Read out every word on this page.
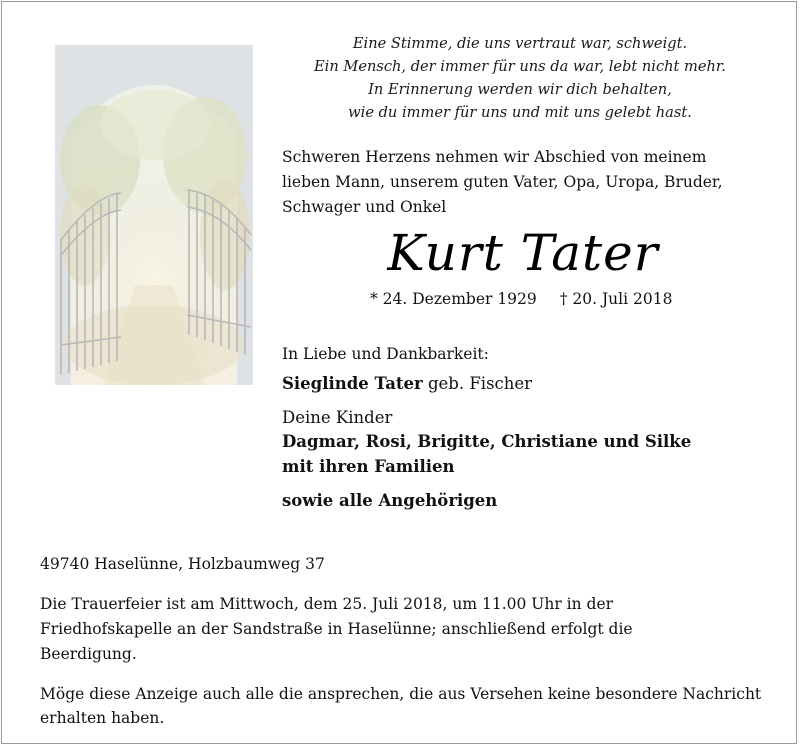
Eine Stimme, die uns vertraut war, schweigt.
Ein Mensch, der immer für uns da war, lebt nicht mehr.
In Erinnerung werden wir dich behalten,
wie du immer für uns und mit uns gelebt hast.
Schweren Herzens nehmen wir Abschied von meinem
lieben Mann, unserem guten Vater, Opa, Uropa, Bruder,
Schwager und Onkel
Kurt Tater
* 24. Dezember 1929 † 20. Juli 2018
In Liebe und Dankbarkeit:
Sieglinde Tater geb. Fischer
Deine Kinder
Dagmar, Rosi, Brigitte, Christiane und Silke
mit ihren Familien
sowie alle Angehörigen
49740 Haselünne, Holzbaumweg 37
Die Trauerfeier ist am Mittwoch, dem 25. Juli 2018, um 11.00 Uhr in der
Friedhofskapelle an der Sandstraße in Haselünne; anschließend erfolgt die
Beerdigung.
Möge diese Anzeige auch alle die ansprechen, die aus Versehen keine besondere Nachricht
erhalten haben.
